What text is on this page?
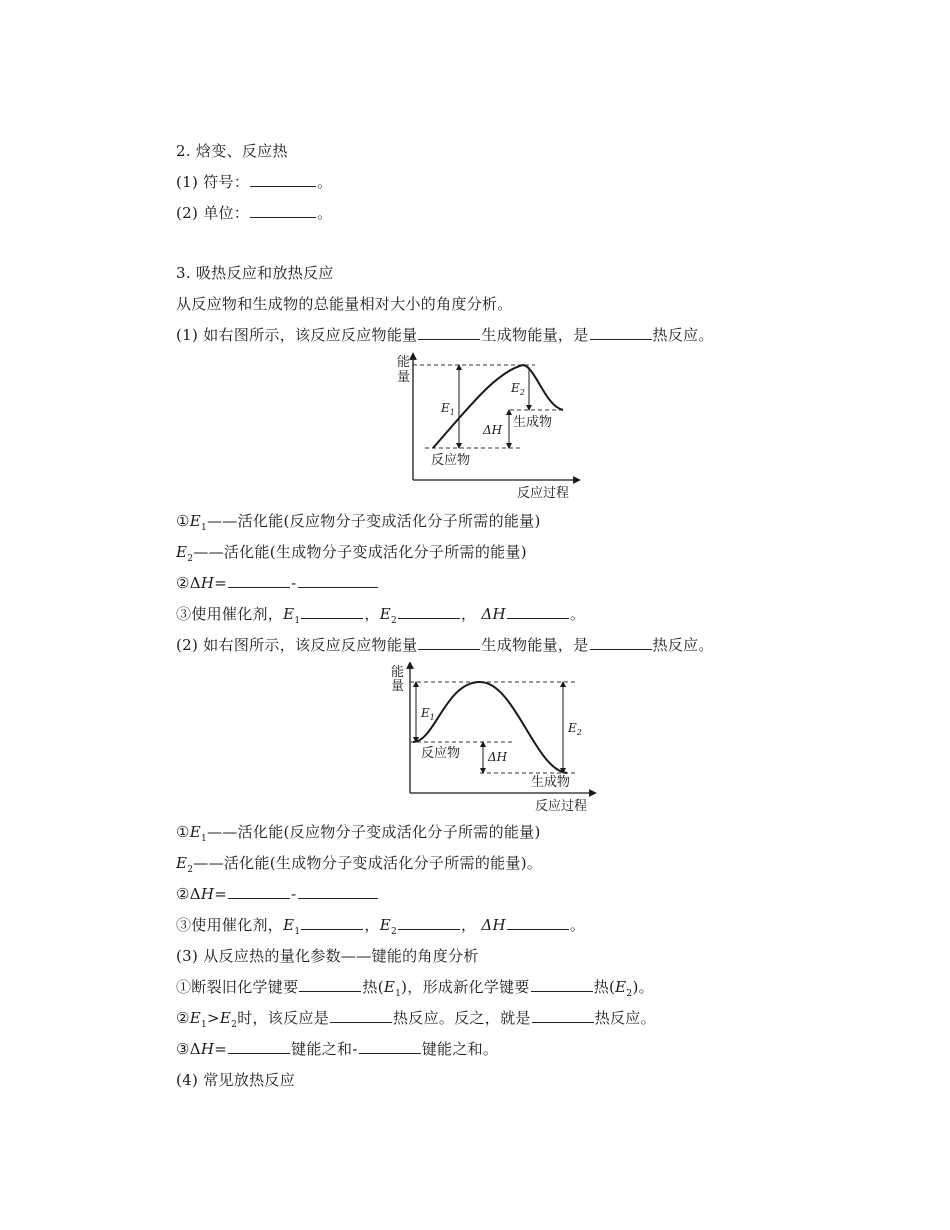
2. 焓变、反应热
(1) 符号：	。
(2) 单位：	。
3. 吸热反应和放热反应
从反应物和生成物的总能量相对大小的角度分析。
(1) 如右图所示，该反应反应物能量	生成物能量，是	热反应。
能
量
$E_1$
$E_2$
ΔH 生成物
反应物
反应过程
$①E_1——$活化能(反应物分子变成活化分子所需的能量)
$E_2——$活化能(生成物分子变成活化分子所需的能量)
②ΔH=	-
③使用催化剂，$E_1$	，$E_2$	， ΔH	。
(2) 如右图所示，该反应反应物能量	生成物能量，是	热反应。
能
量
$E_1$
$E_2$
ΔH
反应物
生成物
反应过程
$①E_1——$活化能(反应物分子变成活化分子所需的能量)
$E_2——$活化能(生成物分子变成活化分子所需的能量)。
②ΔH=	-
③使用催化剂，$E_1$	，$E_2$	， ΔH	。
(3) 从反应热的量化参数——键能的角度分析
①断裂旧化学键要	热$(E_1)$，形成新化学键要	热$(E_2)$。
$②E_1>E_2$时，该反应是	热反应。反之，就是	热反应。
③ΔH=	键能之和-	键能之和。
(4) 常见放热反应
